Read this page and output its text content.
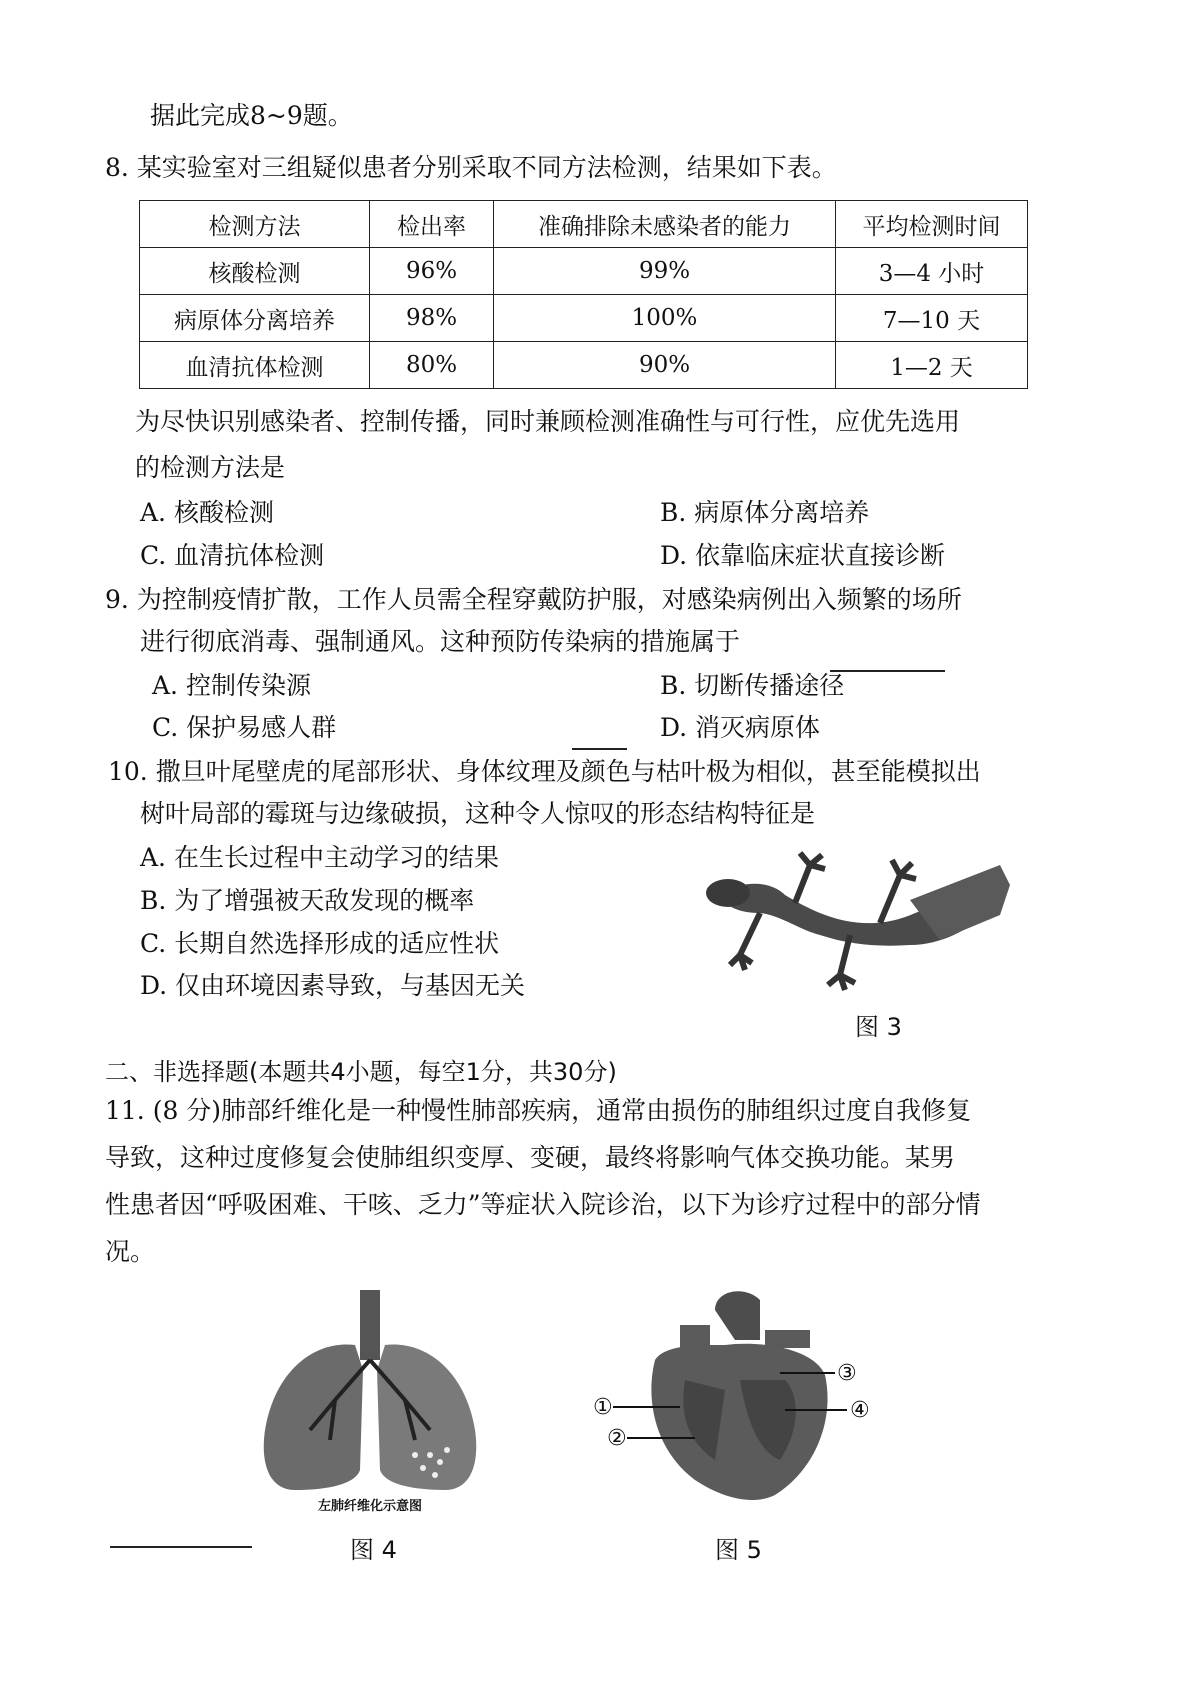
据此完成8~9题。
8. 某实验室对三组疑似患者分别采取不同方法检测，结果如下表。
检测方法	检出率	准确排除未感染者的能力	平均检测时间
核酸检测	96%	99%	3—4 小时
病原体分离培养	98%	100%	7—10 天
血清抗体检测	80%	90%	1—2 天
为尽快识别感染者、控制传播，同时兼顾检测准确性与可行性，应优先选用
的检测方法是
A. 核酸检测	B. 病原体分离培养
C. 血清抗体检测	D. 依靠临床症状直接诊断
9. 为控制疫情扩散，工作人员需全程穿戴防护服，对感染病例出入频繁的场所
进行彻底消毒、强制通风。这种预防传染病的措施属于
A. 控制传染源	B. 切断传播途径
C. 保护易感人群	D. 消灭病原体
10. 撒旦叶尾壁虎的尾部形状、身体纹理及颜色与枯叶极为相似，甚至能模拟出
树叶局部的霉斑与边缘破损，这种令人惊叹的形态结构特征是
A. 在生长过程中主动学习的结果
B. 为了增强被天敌发现的概率
C. 长期自然选择形成的适应性状
D. 仅由环境因素导致，与基因无关
图 3
二、非选择题(本题共4小题，每空1分，共30分)
11. (8 分)肺部纤维化是一种慢性肺部疾病，通常由损伤的肺组织过度自我修复
导致，这种过度修复会使肺组织变厚、变硬，最终将影响气体交换功能。某男
性患者因“呼吸困难、干咳、乏力”等症状入院诊治，以下为诊疗过程中的部分情
况。
左肺纤维化示意图
图 4
①
②
③
④
图 5
